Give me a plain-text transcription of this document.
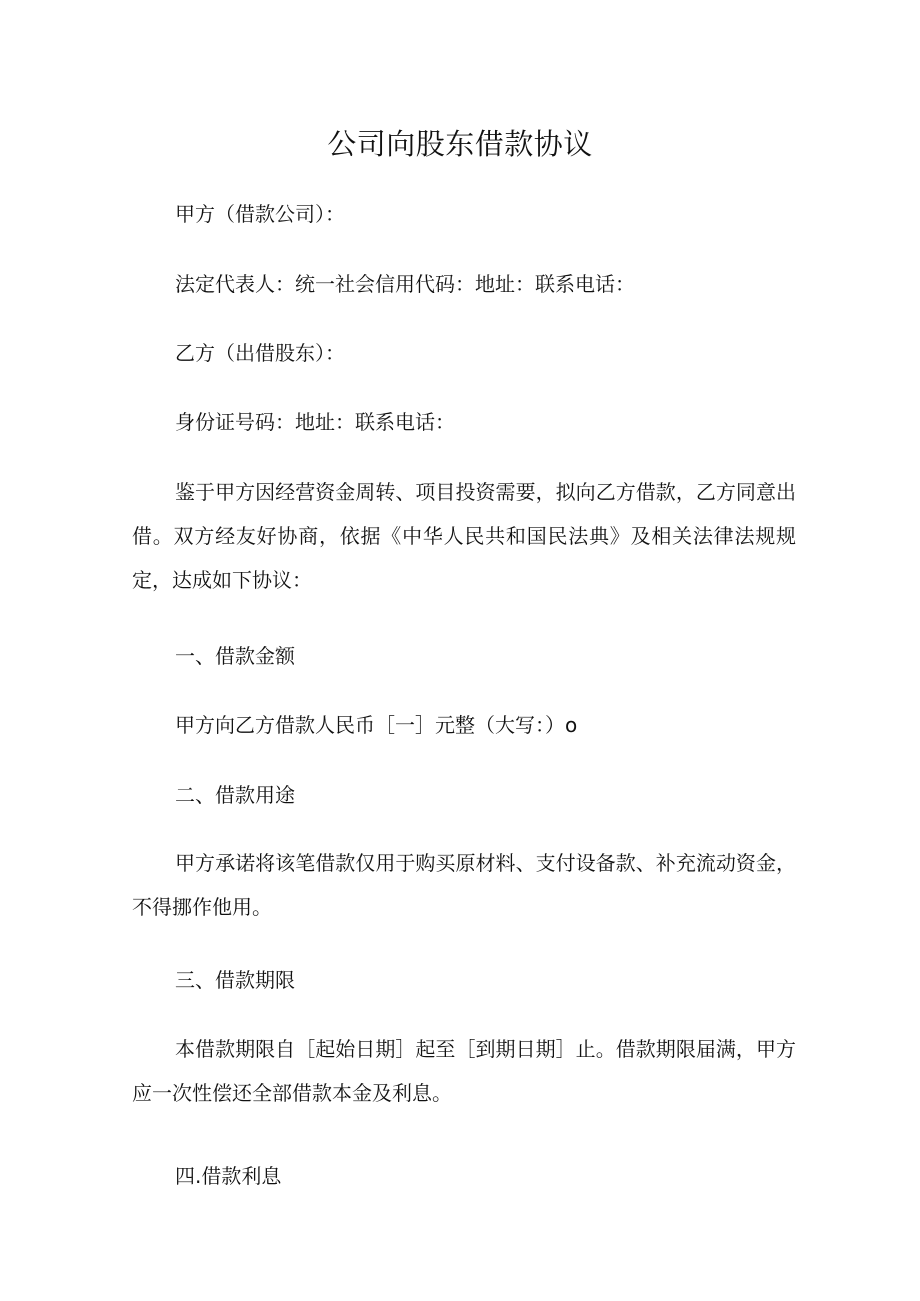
公司向股东借款协议

甲方（借款公司）：

法定代表人：统一社会信用代码：地址：联系电话：

乙方（出借股东）：

身份证号码：地址：联系电话：

鉴于甲方因经营资金周转、项目投资需要，拟向乙方借款，乙方同意出借。双方经友好协商，依据《中华人民共和国民法典》及相关法律法规规定，达成如下协议：

一、借款金额

甲方向乙方借款人民币［一］元整（大写：）o

二、借款用途

甲方承诺将该笔借款仅用于购买原材料、支付设备款、补充流动资金，不得挪作他用。

三、借款期限

本借款期限自［起始日期］起至［到期日期］止。借款期限届满，甲方应一次性偿还全部借款本金及利息。

四.借款利息
